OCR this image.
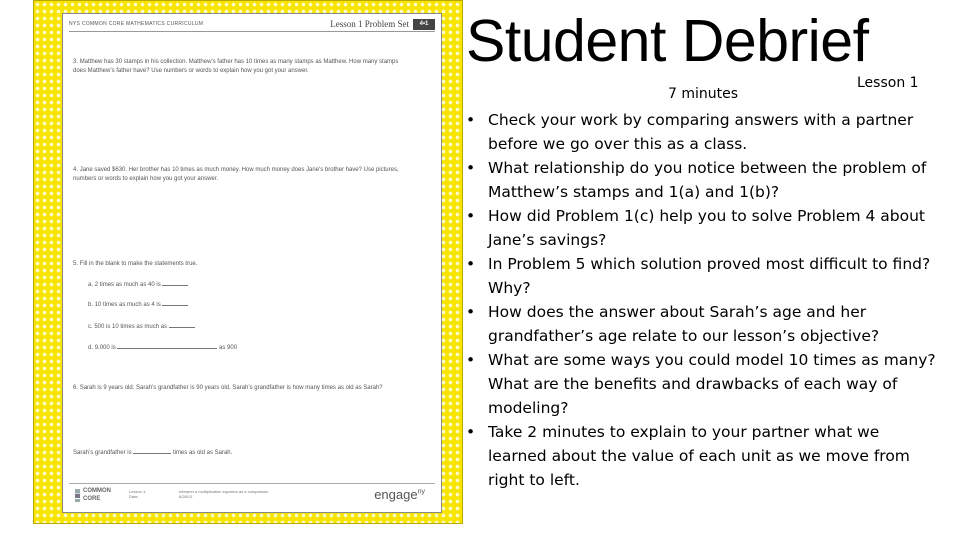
NYS COMMON CORE MATHEMATICS CURRICULUM	Lesson 1 Problem Set	4•1
3. Matthew has 30 stamps in his collection. Matthew’s father has 10 times as many stamps as Matthew. How many stamps does Matthew’s father have? Use numbers or words to explain how you got your answer.
4. Jane saved $630. Her brother has 10 times as much money. How much money does Jane’s brother have? Use pictures, numbers or words to explain how you got your answer.
5. Fill in the blank to make the statements true.
a. 2 times as much as 40 is
b. 10 times as much as 4 is
c. 500 is 10 times as much as
d. 9,000 is	as 900
6. Sarah is 9 years old. Sarah’s grandfather is 90 years old. Sarah’s grandfather is how many times as old as Sarah?
Sarah’s grandfather is	times as old as Sarah.
COMMON
CORE
Lesson 1:
Date:
Interpret a multiplication equation as a comparison.
6/28/13	engage$^{ny}$
Student Debrief
Lesson 1
7 minutes
• Check your work by comparing answers with a partner before we go over this as a class.
• What relationship do you notice between the problem of Matthew’s stamps and 1(a) and 1(b)?
• How did Problem 1(c) help you to solve Problem 4 about Jane’s savings?
• In Problem 5 which solution proved most difficult to find? Why?
• How does the answer about Sarah’s age and her grandfather’s age relate to our lesson’s objective?
• What are some ways you could model 10 times as many? What are the benefits and drawbacks of each way of modeling?
• Take 2 minutes to explain to your partner what we learned about the value of each unit as we move from right to left.
